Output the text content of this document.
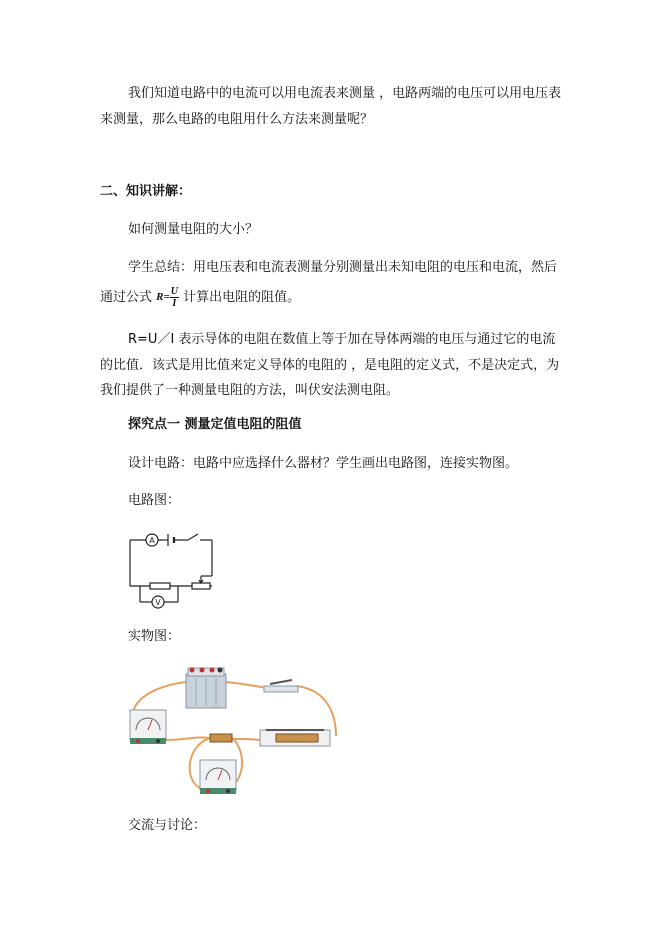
我们知道电路中的电流可以用电流表来测量 ，电路两端的电压可以用电压表
来测量，那么电路的电阻用什么方法来测量呢？
二、知识讲解：
如何测量电阻的大小？
学生总结：用电压表和电流表测量分别测量出未知电阻的电压和电流，然后
通过公式 $R= \frac{U}{I}$ 计算出电阻的阻值。
R=U／I 表示导体的电阻在数值上等于加在导体两端的电压与通过它的电流
的比值．该式是用比值来定义导体的电阻的 ，是电阻的定义式，不是决定式，为
我们提供了一种测量电阻的方法，叫伏安法测电阻。
探究点一 测量定值电阻的阻值
设计电路：电路中应选择什么器材？学生画出电路图，连接实物图。
电路图：
A
V
实物图：
交流与讨论：
